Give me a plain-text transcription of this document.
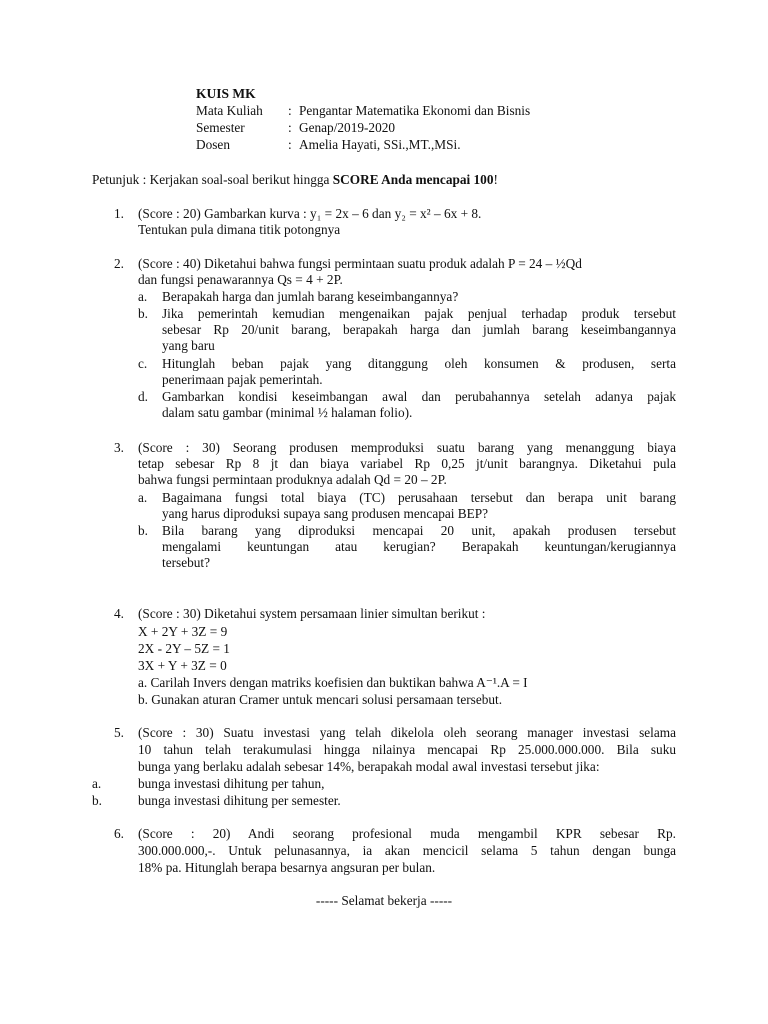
KUIS MK
Mata Kuliah : Pengantar Matematika Ekonomi dan Bisnis
Semester	: Genap/2019-2020
Dosen	: Amelia Hayati, SSi.,MT.,MSi.
Petunjuk : Kerjakan soal-soal berikut hingga SCORE Anda mencapai 100!
1. (Score : 20) Gambarkan kurva : y₁ = 2x – 6 dan y₂ = x² – 6x + 8.
Tentukan pula dimana titik potongnya
2. (Score : 40) Diketahui bahwa fungsi permintaan suatu produk adalah P = 24 – ½Qd
dan fungsi penawarannya Qs = 4 + 2P.
a. Berapakah harga dan jumlah barang keseimbangannya?
b. Jika pemerintah kemudian mengenaikan pajak penjual terhadap produk tersebut
sebesar Rp 20/unit barang, berapakah harga dan jumlah barang keseimbangannya
yang baru
c. Hitunglah beban pajak yang ditanggung oleh konsumen & produsen, serta
penerimaan pajak pemerintah.
d. Gambarkan kondisi keseimbangan awal dan perubahannya setelah adanya pajak
dalam satu gambar (minimal ½ halaman folio).
3. (Score : 30) Seorang produsen memproduksi suatu barang yang menanggung biaya
tetap sebesar Rp 8 jt dan biaya variabel Rp 0,25 jt/unit barangnya. Diketahui pula
bahwa fungsi permintaan produknya adalah Qd = 20 – 2P.
a. Bagaimana fungsi total biaya (TC) perusahaan tersebut dan berapa unit barang
yang harus diproduksi supaya sang produsen mencapai BEP?
b. Bila barang yang diproduksi mencapai 20 unit, apakah produsen tersebut
mengalami keuntungan atau kerugian? Berapakah keuntungan/kerugiannya
tersebut?
4. (Score : 30) Diketahui system persamaan linier simultan berikut :
X + 2Y + 3Z = 9
2X - 2Y – 5Z = 1
3X + Y + 3Z = 0
a. Carilah Invers dengan matriks koefisien dan buktikan bahwa A⁻¹.A = I
b. Gunakan aturan Cramer untuk mencari solusi persamaan tersebut.
5. (Score : 30) Suatu investasi yang telah dikelola oleh seorang manager investasi selama
10 tahun telah terakumulasi hingga nilainya mencapai Rp 25.000.000.000. Bila suku
bunga yang berlaku adalah sebesar 14%, berapakah modal awal investasi tersebut jika:
a.	bunga investasi dihitung per tahun,
b.	bunga investasi dihitung per semester.
6. (Score : 20) Andi seorang profesional muda mengambil KPR sebesar Rp.
300.000.000,-. Untuk pelunasannya, ia akan mencicil selama 5 tahun dengan bunga
18% pa. Hitunglah berapa besarnya angsuran per bulan.
----- Selamat bekerja -----
